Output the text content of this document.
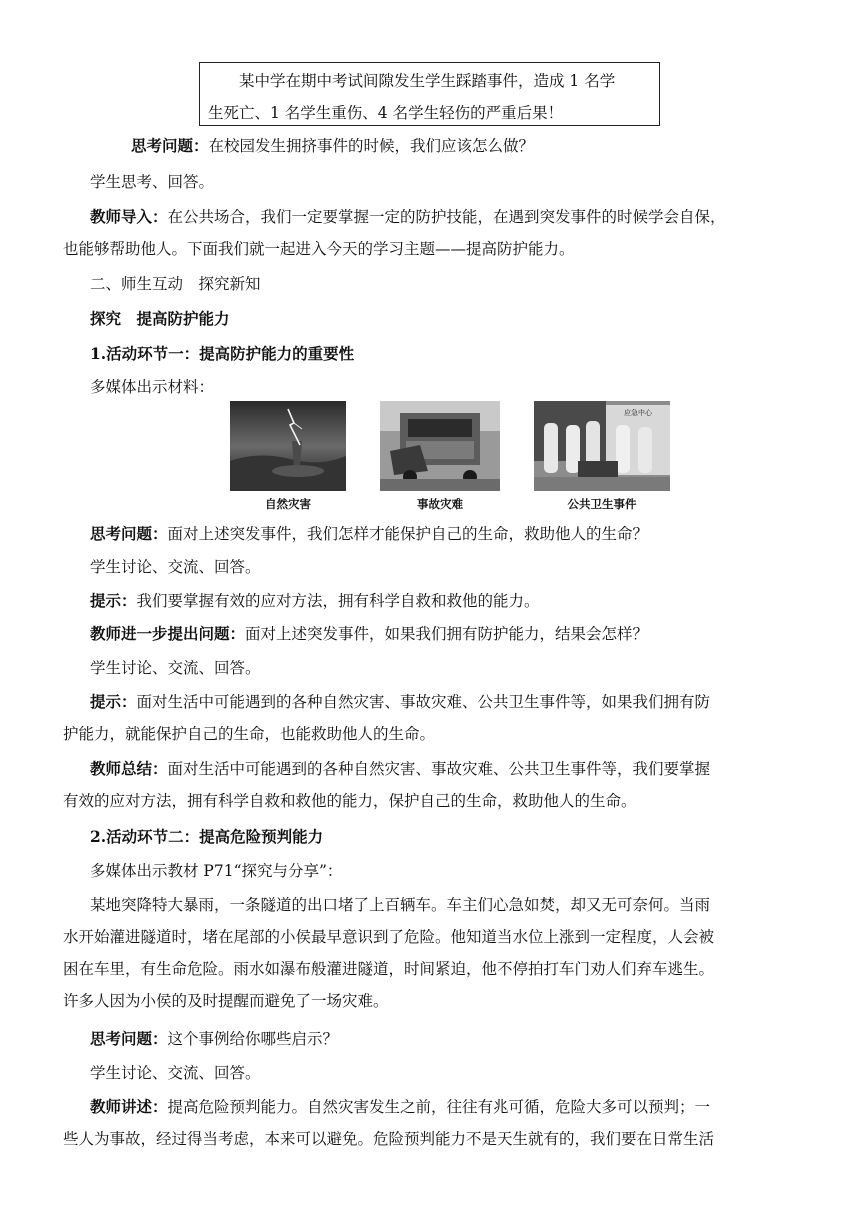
某中学在期中考试间隙发生学生踩踏事件，造成 1 名学

生死亡、1 名学生重伤、4 名学生轻伤的严重后果！

思考问题：在校园发生拥挤事件的时候，我们应该怎么做？

学生思考、回答。

教师导入：在公共场合，我们一定要掌握一定的防护技能，在遇到突发事件的时候学会自保，
也能够帮助他人。下面我们就一起进入今天的学习主题——提高防护能力。

二、师生互动　探究新知

探究　提高防护能力

1.活动环节一：提高防护能力的重要性

多媒体出示材料：

自然灾害	事故灾难
应急中心
公共卫生事件

思考问题：面对上述突发事件，我们怎样才能保护自己的生命，救助他人的生命？

学生讨论、交流、回答。

提示：我们要掌握有效的应对方法，拥有科学自救和救他的能力。

教师进一步提出问题：面对上述突发事件，如果我们拥有防护能力，结果会怎样？

学生讨论、交流、回答。

提示：面对生活中可能遇到的各种自然灾害、事故灾难、公共卫生事件等，如果我们拥有防
护能力，就能保护自己的生命，也能救助他人的生命。
教师总结：面对生活中可能遇到的各种自然灾害、事故灾难、公共卫生事件等，我们要掌握
有效的应对方法，拥有科学自救和救他的能力，保护自己的生命，救助他人的生命。

2.活动环节二：提高危险预判能力

多媒体出示教材 P71“探究与分享”：

某地突降特大暴雨，一条隧道的出口堵了上百辆车。车主们心急如焚，却又无可奈何。当雨
水开始灌进隧道时，堵在尾部的小侯最早意识到了危险。他知道当水位上涨到一定程度，人会被
困在车里，有生命危险。雨水如瀑布般灌进隧道，时间紧迫，他不停拍打车门劝人们弃车逃生。
许多人因为小侯的及时提醒而避免了一场灾难。

思考问题：这个事例给你哪些启示？

学生讨论、交流、回答。

教师讲述：提高危险预判能力。自然灾害发生之前，往往有兆可循，危险大多可以预判；一
些人为事故，经过得当考虑，本来可以避免。危险预判能力不是天生就有的，我们要在日常生活
